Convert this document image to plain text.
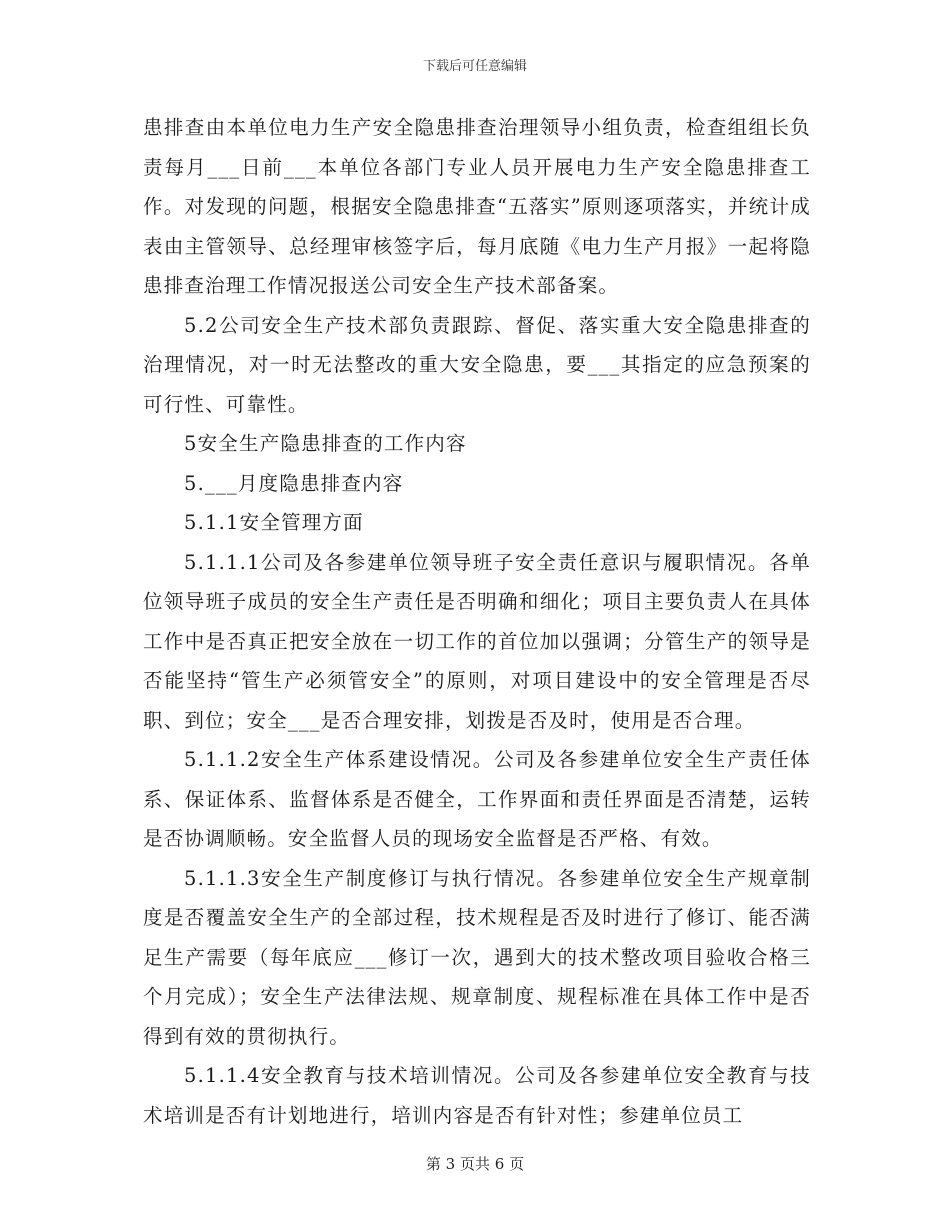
下载后可任意编辑

患排查由本单位电力生产安全隐患排查治理领导小组负责，检查组组长负责每月___日前___本单位各部门专业人员开展电力生产安全隐患排查工作。对发现的问题，根据安全隐患排查“五落实”原则逐项落实，并统计成表由主管领导、总经理审核签字后，每月底随《电力生产月报》一起将隐患排查治理工作情况报送公司安全生产技术部备案。

5.2公司安全生产技术部负责跟踪、督促、落实重大安全隐患排查的治理情况，对一时无法整改的重大安全隐患，要___其指定的应急预案的可行性、可靠性。

5安全生产隐患排查的工作内容

5.___月度隐患排查内容

5.1.1安全管理方面

5.1.1.1公司及各参建单位领导班子安全责任意识与履职情况。各单位领导班子成员的安全生产责任是否明确和细化；项目主要负责人在具体工作中是否真正把安全放在一切工作的首位加以强调；分管生产的领导是否能坚持“管生产必须管安全”的原则，对项目建设中的安全管理是否尽职、到位；安全___是否合理安排，划拨是否及时，使用是否合理。

5.1.1.2安全生产体系建设情况。公司及各参建单位安全生产责任体系、保证体系、监督体系是否健全，工作界面和责任界面是否清楚，运转是否协调顺畅。安全监督人员的现场安全监督是否严格、有效。

5.1.1.3安全生产制度修订与执行情况。各参建单位安全生产规章制度是否覆盖安全生产的全部过程，技术规程是否及时进行了修订、能否满足生产需要（每年底应___修订一次，遇到大的技术整改项目验收合格三个月完成）；安全生产法律法规、规章制度、规程标准在具体工作中是否得到有效的贯彻执行。

5.1.1.4安全教育与技术培训情况。公司及各参建单位安全教育与技术培训是否有计划地进行，培训内容是否有针对性；参建单位员工

第 3 页共 6 页
